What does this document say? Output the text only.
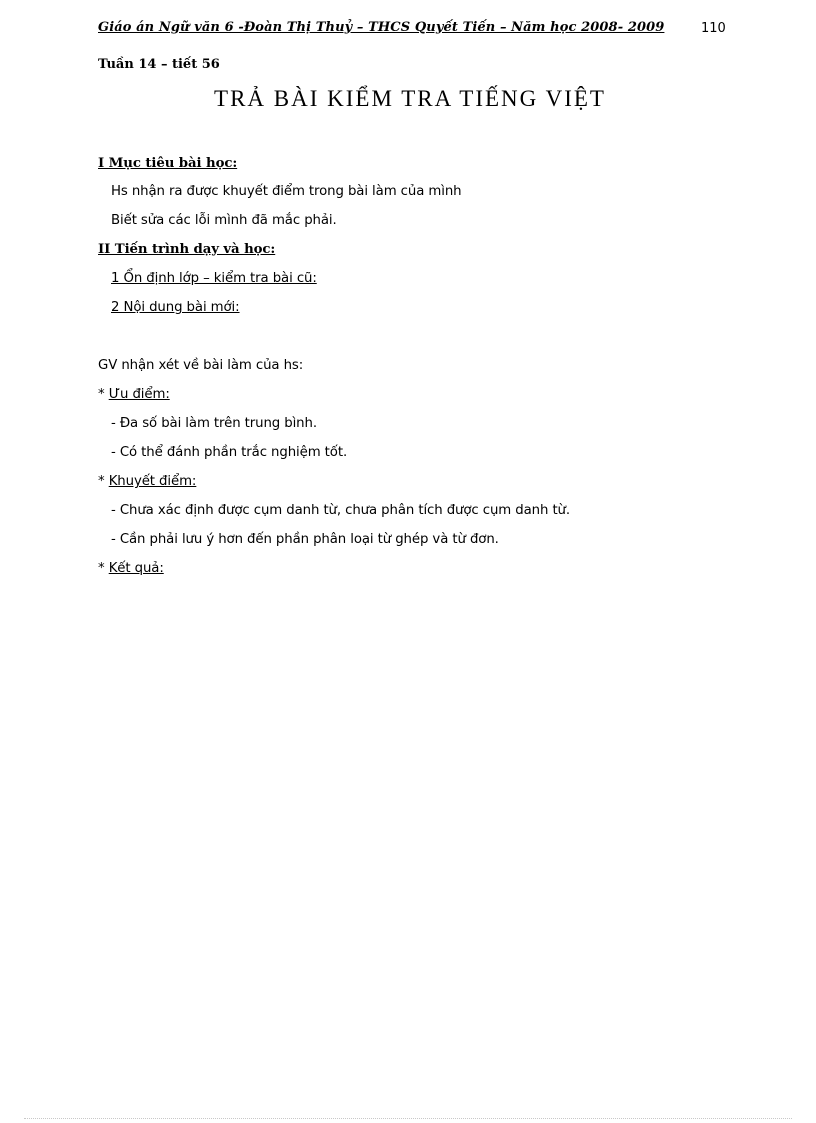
Giáo án Ngữ văn 6 -Đoàn Thị Thuỷ – THCS Quyết Tiến – Năm học 2008- 2009	110
Tuần 14 – tiết 56
TRẢ BÀI KIỂM TRA TIẾNG VIỆT
I Mục tiêu bài học:
Hs nhận ra được khuyết điểm trong bài làm của mình
Biết sửa các lỗi mình đã mắc phải.
II Tiến trình dạy và học:
1 Ổn định lớp – kiểm tra bài cũ:
2 Nội dung bài mới:
GV nhận xét về bài làm của hs:
* Ưu điểm:
- Đa số bài làm trên trung bình.
- Có thể đánh phần trắc nghiệm tốt.
* Khuyết điểm:
- Chưa xác định được cụm danh từ, chưa phân tích được cụm danh từ.
- Cần phải lưu ý hơn đến phần phân loại từ ghép và từ đơn.
* Kết quả:
